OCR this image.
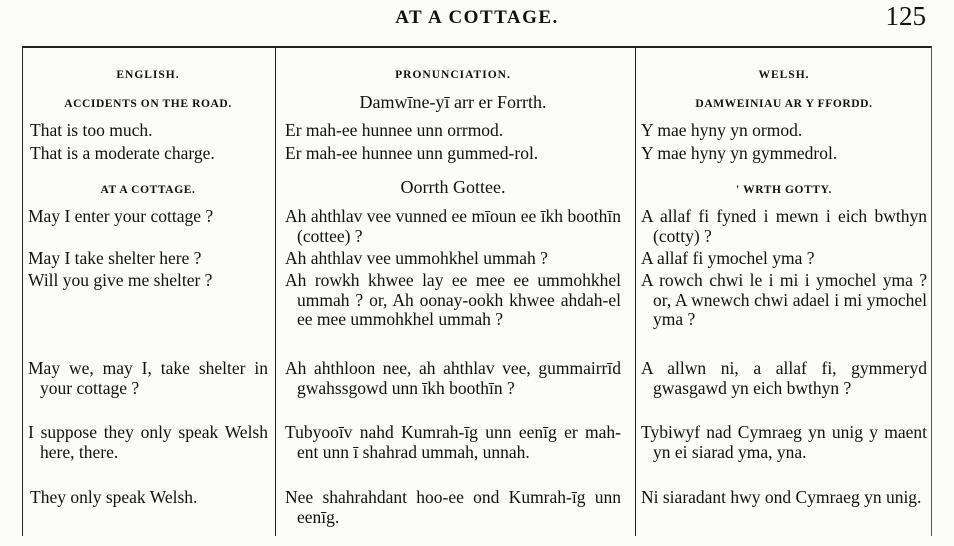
AT A COTTAGE.	125
ENGLISH.
ACCIDENTS ON THE ROAD.
That is too much.
That is a moderate charge.
AT A COTTAGE.
May I enter your cottage ?
May I take shelter here ?
Will you give me shelter ?
May we, may I, take shelter in your cottage ?
I suppose they only speak Welsh here, there.
They only speak Welsh.
PRONUNCIATION.
Damwīne-yī arr er Forrth.
Er mah-ee hunnee unn orrmod.
Er mah-ee hunnee unn gummed-rol.
Oorrth Gottee.
Ah ahthlav vee vunned ee mīoun ee īkh boothīn (cottee) ?
Ah ahthlav vee ummohkhel ummah ?
Ah rowkh khwee lay ee mee ee ummohkhel ummah ? or, Ah oonay-ookh khwee ahdah-el ee mee ummohkhel ummah ?
Ah ahthloon nee, ah ahthlav vee, gummairrīd gwahssgowd unn īkh boothīn ?
Tubyooīv nahd Kumrah-īg unn eenīg er mah-ent unn ī shahrad ummah, unnah.
Nee shahrahdant hoo-ee ond Kumrah-īg unn eenīg.
WELSH.
DAMWEINIAU AR Y FFORDD.
Y mae hyny yn ormod.
Y mae hyny yn gymmedrol.
' WRTH GOTTY.
A allaf fi fyned i mewn i eich bwthyn (cotty) ?
A allaf fi ymochel yma ?
A rowch chwi le i mi i ymochel yma ? or, A wnewch chwi adael i mi ymochel yma ?
A allwn ni, a allaf fi, gymmeryd gwasgawd yn eich bwthyn ?
Tybiwyf nad Cymraeg yn unig y maent yn ei siarad yma, yna.
Ni siaradant hwy ond Cymraeg yn unig.
